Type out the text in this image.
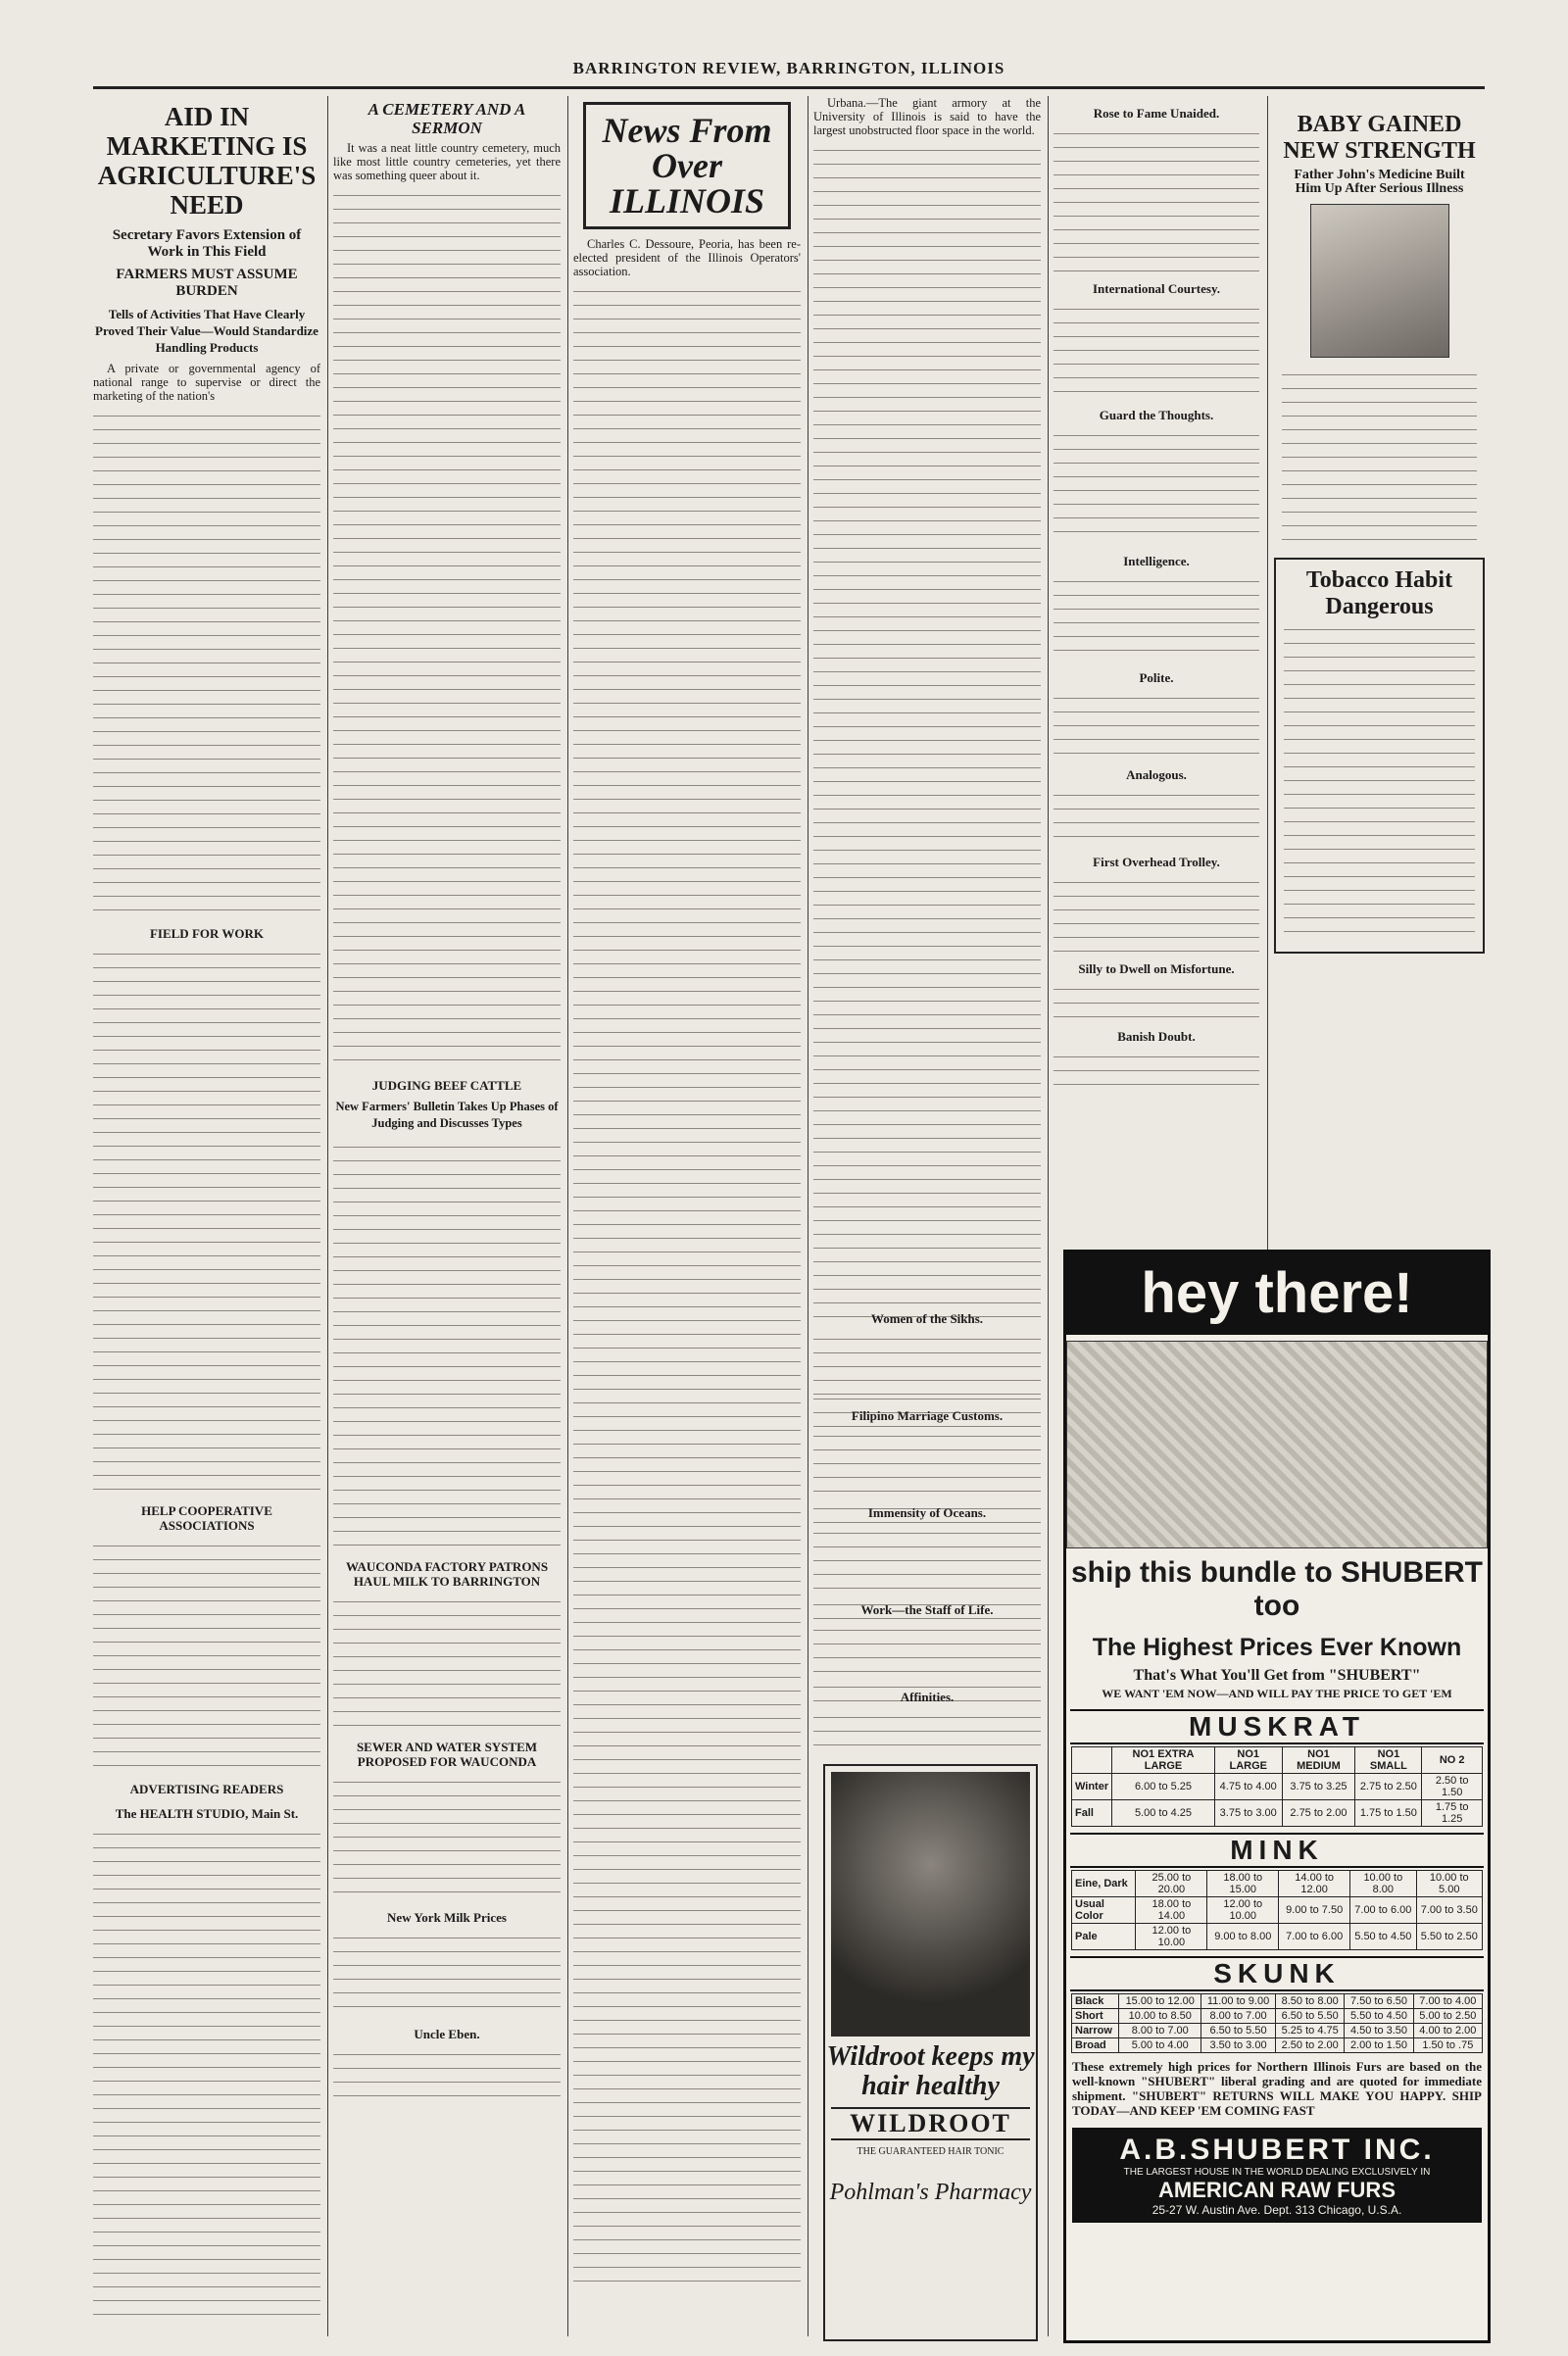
BARRINGTON REVIEW, BARRINGTON, ILLINOIS
AID IN MARKETING IS AGRICULTURE'S NEED
Secretary Favors Extension of Work in This Field
FARMERS MUST ASSUME BURDEN
Tells of Activities That Have Clearly Proved Their Value—Would Standardize Handling Products

A private or governmental agency of national range to supervise or direct the marketing of the nation's

FIELD FOR WORK
HELP COOPERATIVE ASSOCIATIONS
ADVERTISING READERS
The HEALTH STUDIO, Main St.
A CEMETERY AND A SERMON

It was a neat little country cemetery, much like most little country cemeteries, yet there was something queer about it.

JUDGING BEEF CATTLE
New Farmers' Bulletin Takes Up Phases of Judging and Discusses Types
WAUCONDA FACTORY PATRONS HAUL MILK TO BARRINGTON
SEWER AND WATER SYSTEM PROPOSED FOR WAUCONDA
New York Milk Prices
Uncle Eben.
News From Over ILLINOIS

Charles C. Dessoure, Peoria, has been re-elected president of the Illinois Operators' association.

Urbana.—The giant armory at the University of Illinois is said to have the largest unobstructed floor space in the world.

Wildroot keeps my hair healthy
WILDROOT
THE GUARANTEED HAIR TONIC
Pohlman's Pharmacy
Rose to Fame Unaided.
International Courtesy.
Guard the Thoughts.
Intelligence.
Polite.
Analogous.
First Overhead Trolley.
Silly to Dwell on Misfortune.
Banish Doubt.
Women of the Sikhs.
Filipino Marriage Customs.
Immensity of Oceans.
Work—the Staff of Life.
Affinities.
BABY GAINED NEW STRENGTH
Father John's Medicine Built Him Up After Serious Illness
Tobacco Habit Dangerous
hey there!
ship this bundle to SHUBERT too
The Highest Prices Ever Known
That's What You'll Get from "SHUBERT"
WE WANT 'EM NOW—AND WILL PAY THE PRICE TO GET 'EM
MUSKRAT
	NO1 EXTRA LARGE	NO1 LARGE	NO1 MEDIUM	NO1 SMALL	NO 2
Winter	6.00 to 5.25	4.75 to 4.00	3.75 to 3.25	2.75 to 2.50	2.50 to 1.50
Fall	5.00 to 4.25	3.75 to 3.00	2.75 to 2.00	1.75 to 1.50	1.75 to 1.25
MINK
Eine, Dark	25.00 to 20.00	18.00 to 15.00	14.00 to 12.00	10.00 to 8.00	10.00 to 5.00
Usual Color	18.00 to 14.00	12.00 to 10.00	9.00 to 7.50	7.00 to 6.00	7.00 to 3.50
Pale	12.00 to 10.00	9.00 to 8.00	7.00 to 6.00	5.50 to 4.50	5.50 to 2.50
SKUNK
Black	15.00 to 12.00	11.00 to 9.00	8.50 to 8.00	7.50 to 6.50	7.00 to 4.00
Short	10.00 to 8.50	8.00 to 7.00	6.50 to 5.50	5.50 to 4.50	5.00 to 2.50
Narrow	8.00 to 7.00	6.50 to 5.50	5.25 to 4.75	4.50 to 3.50	4.00 to 2.00
Broad	5.00 to 4.00	3.50 to 3.00	2.50 to 2.00	2.00 to 1.50	1.50 to .75
These extremely high prices for Northern Illinois Furs are based on the well-known "SHUBERT" liberal grading and are quoted for immediate shipment. "SHUBERT" RETURNS WILL MAKE YOU HAPPY. SHIP TODAY—AND KEEP 'EM COMING FAST
A.B.SHUBERT INC.
THE LARGEST HOUSE IN THE WORLD DEALING EXCLUSIVELY IN
AMERICAN RAW FURS
25-27 W. Austin Ave. Dept. 313 Chicago, U.S.A.
